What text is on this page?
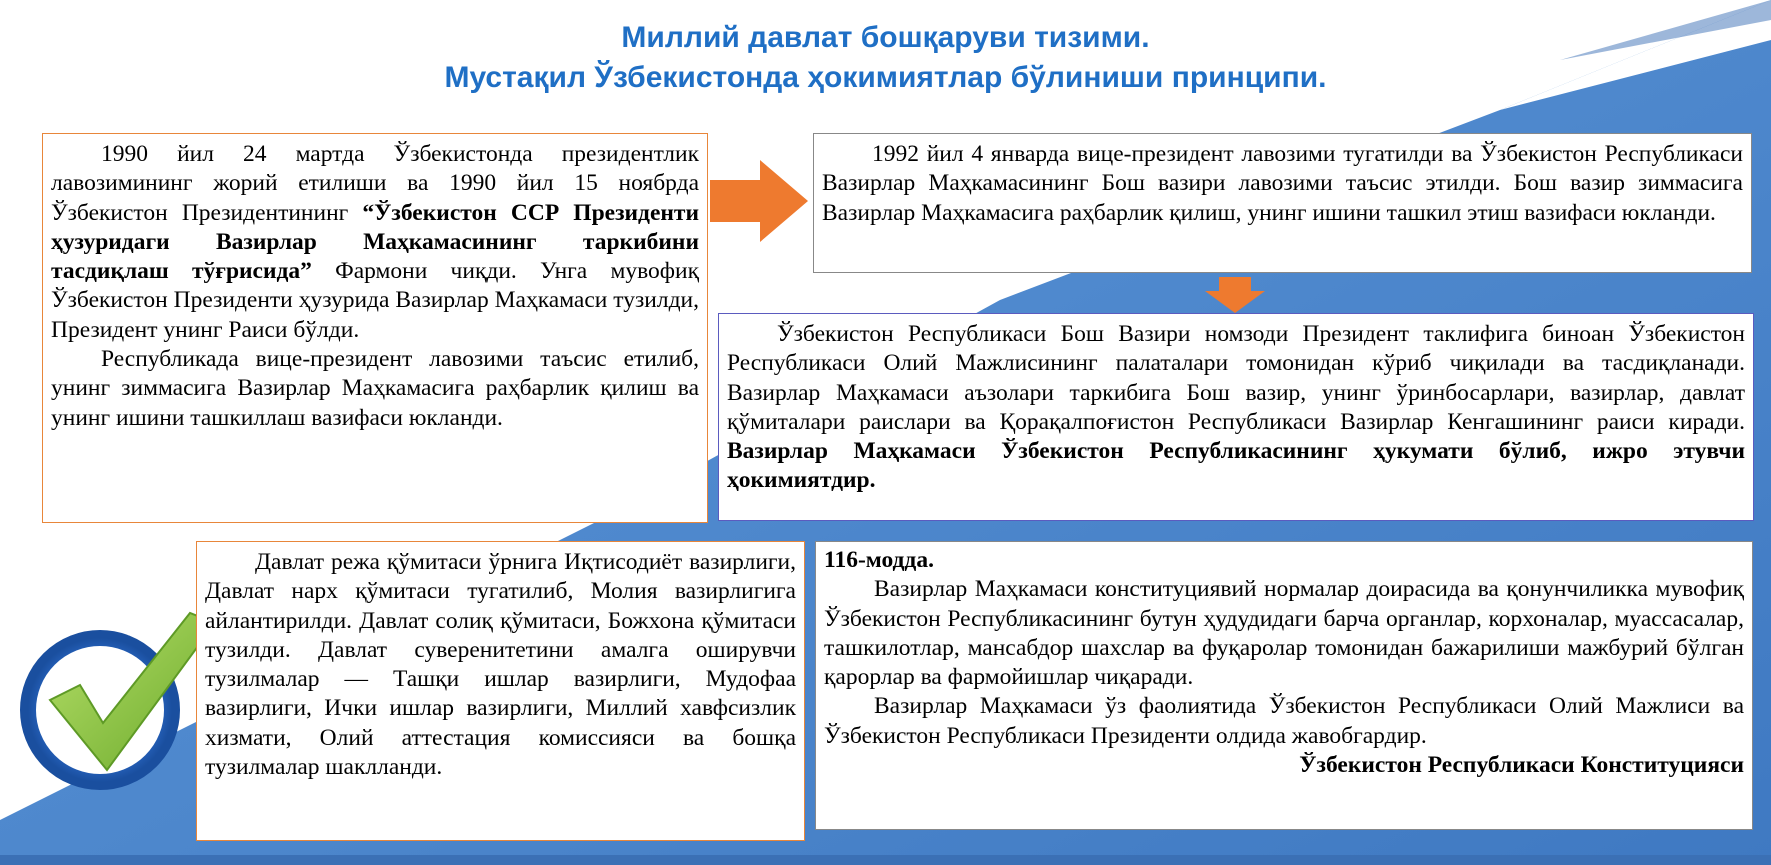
Миллий давлат бошқаруви тизими.
Мустақил Ўзбекистонда ҳокимиятлар бўлиниши принципи.

1990 йил 24 мартда Ўзбекистонда президентлик лавозимининг жорий етилиши ва 1990 йил 15 ноябрда Ўзбекистон Президентининг “Ўзбекистон ССР Президенти ҳузуридаги Вазирлар Маҳкамасининг таркибини тасдиқлаш тўғрисида” Фармони чиқди. Унга мувофиқ Ўзбекистон Президенти ҳузурида Вазирлар Маҳкамаси тузилди, Президент унинг Раиси бўлди.

Республикада вице-президент лавозими таъсис етилиб, унинг зиммасига Вазирлар Маҳкамасига раҳбарлик қилиш ва унинг ишини ташкиллаш вазифаси юкланди.

1992 йил 4 январда вице-президент лавозими тугатилди ва Ўзбекистон Республикаси Вазирлар Маҳкамасининг Бош вазири лавозими таъсис этилди. Бош вазир зиммасига Вазирлар Маҳкамасига раҳбарлик қилиш, унинг ишини ташкил этиш вазифаси юкланди.

Ўзбекистон Республикаси Бош Вазири номзоди Президент таклифига биноан Ўзбекистон Республикаси Олий Мажлисининг палаталари томонидан кўриб чиқилади ва тасдиқланади. Вазирлар Маҳкамаси аъзолари таркибига Бош вазир, унинг ўринбосарлари, вазирлар, давлат қўмиталари раислари ва Қорақалпоғистон Республикаси Вазирлар Кенгашининг раиси киради. Вазирлар Маҳкамаси Ўзбекистон Республикасининг ҳукумати бўлиб, ижро этувчи ҳокимиятдир.

Давлат режа қўмитаси ўрнига Иқтисодиёт вазирлиги, Давлат нарх қўмитаси тугатилиб, Молия вазирлигига айлантирилди. Давлат солиқ қўмитаси, Божхона қўмитаси тузилди. Давлат суверенитетини амалга оширувчи тузилмалар — Ташқи ишлар вазирлиги, Мудофаа вазирлиги, Ички ишлар вазирлиги, Миллий хавфсизлик хизмати, Олий аттестация комиссияси ва бошқа тузилмалар шаклланди.

116-модда.

Вазирлар Маҳкамаси конституциявий нормалар доирасида ва қонунчиликка мувофиқ Ўзбекистон Республикасининг бутун ҳудудидаги барча органлар, корхоналар, муассасалар, ташкилотлар, мансабдор шахслар ва фуқаролар томонидан бажарилиши мажбурий бўлган қарорлар ва фармойишлар чиқаради.

Вазирлар Маҳкамаси ўз фаолиятида Ўзбекистон Республикаси Олий Мажлиси ва Ўзбекистон Республикаси Президенти олдида жавобгардир.

Ўзбекистон Республикаси Конституцияси
